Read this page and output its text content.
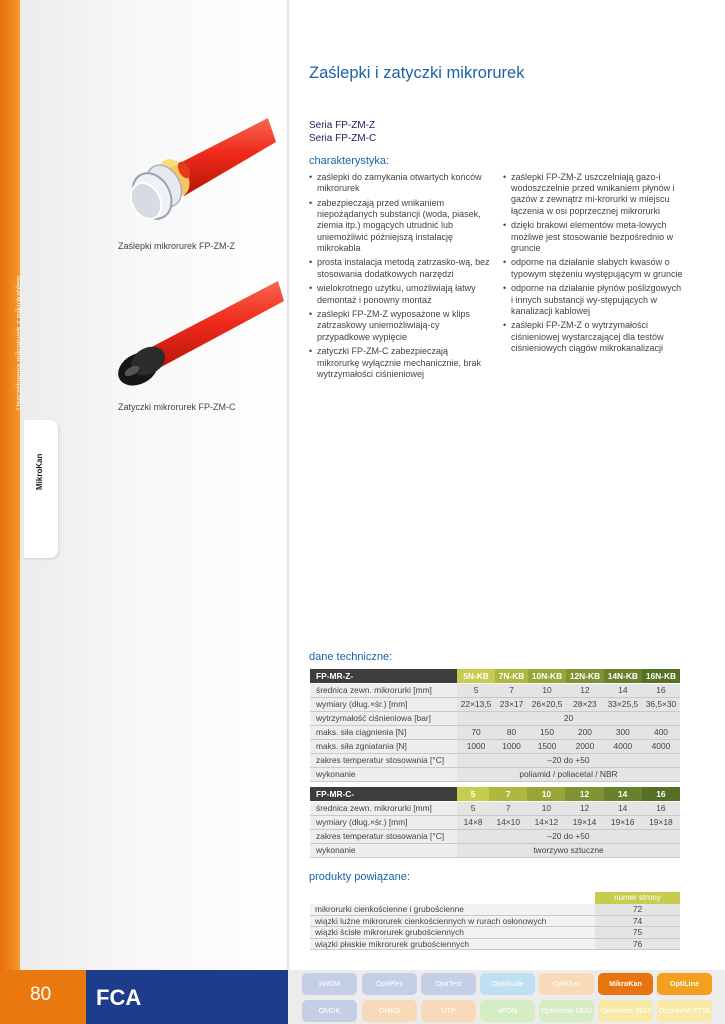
Uszczelnienia mikrorurek z mikrokablem
MikroKan
Zaślepki mikrorurek FP-ZM-Z
Zatyczki mikrorurek FP-ZM-C
Zaślepki i zatyczki mikrorurek
Seria FP-ZM-Z
Seria FP-ZM-C
charakterystyka:
• zaślepki do zamykania otwartych końców mikrorurek
• zabezpieczają przed wnikaniem niepożądanych substancji (woda, piasek, ziemia itp.) mogących utrudnić lub uniemożliwić późniejszą instalację mikrokabla
• prosta instalacja metodą zatrzasko-wą, bez stosowania dodatkowych narzędzi
• wielokrotnego użytku, umożliwiają łatwy demontaż i ponowny montaż
• zaślepki FP-ZM-Z wyposażone w klips zatrzaskowy uniemożliwiają-cy przypadkowe wypięcie
• zatyczki FP-ZM-C zabezpieczają mikrorurkę wyłącznie mechanicznie, brak wytrzymałości ciśnieniowej
• zaślepki FP-ZM-Z uszczelniają gazo-i wodoszczelnie przed wnikaniem płynów i gazów z zewnątrz mi-krorurki w miejscu łączenia w osi poprzecznej mikrorurki
• dzięki brakowi elementów meta-lowych możliwe jest stosowanie bezpośrednio w gruncie
• odporne na działanie słabych kwasów o typowym stężeniu występującym w gruncie
• odporne na działanie płynów poślizgowych i innych substancji wy-stępujących w kanalizacji kablowej
• zaślepki FP-ZM-Z o wytrzymałości ciśnieniowej wystarczającej dla testów ciśnieniowych ciągów mikrokanalizacji
dane techniczne:
FP-MR-Z-	5N-KB	7N-KB	10N-KB	12N-KB	14N-KB	16N-KB
średnica zewn. mikrorurki [mm]	5	7	10	12	14	16
wymiary (dług.×śr.) [mm]	22×13,5	23×17	26×20,5	28×23	33×25,5	36,5×30
wytrzymałość ciśnieniowa [bar]	20					
maks. siła ciągnienia [N]	70	80	150	200	300	400
maks. siła zgniatania [N]	1000	1000	1500	2000	4000	4000
zakres temperatur stosowania [°C]	–20 do +50					
wykonanie	poliamid / poliacetal / NBR					
FP-MR-C-	5	7	10	12	14	16
średnica zewn. mikrorurki [mm]	5	7	10	12	14	16
wymiary (dług.×śr.) [mm]	14×8	14×10	14×12	19×14	19×16	19×18
zakres temperatur stosowania [°C]	–20 do +50					
wykonanie	tworzywo sztuczne					
produkty powiązane:
	numer strony
mikrorurki cienkościenne i grubościenne	72
wiązki luźne mikrorurek cienkościennych w rurach osłonowych	74
wiązki ścisłe mikrorurek grubościennych	75
wiązki płaskie mikrorurek grubościennych	76
80 FCA
xWDM	OptiPlex	OptiTest	OptiGuide	OptiDust	MikroKan	OptiLine
OMDK	OMKS	UTP	xPON	OptiHome MDU	OptiHome SDU	OptiHome FTTA
